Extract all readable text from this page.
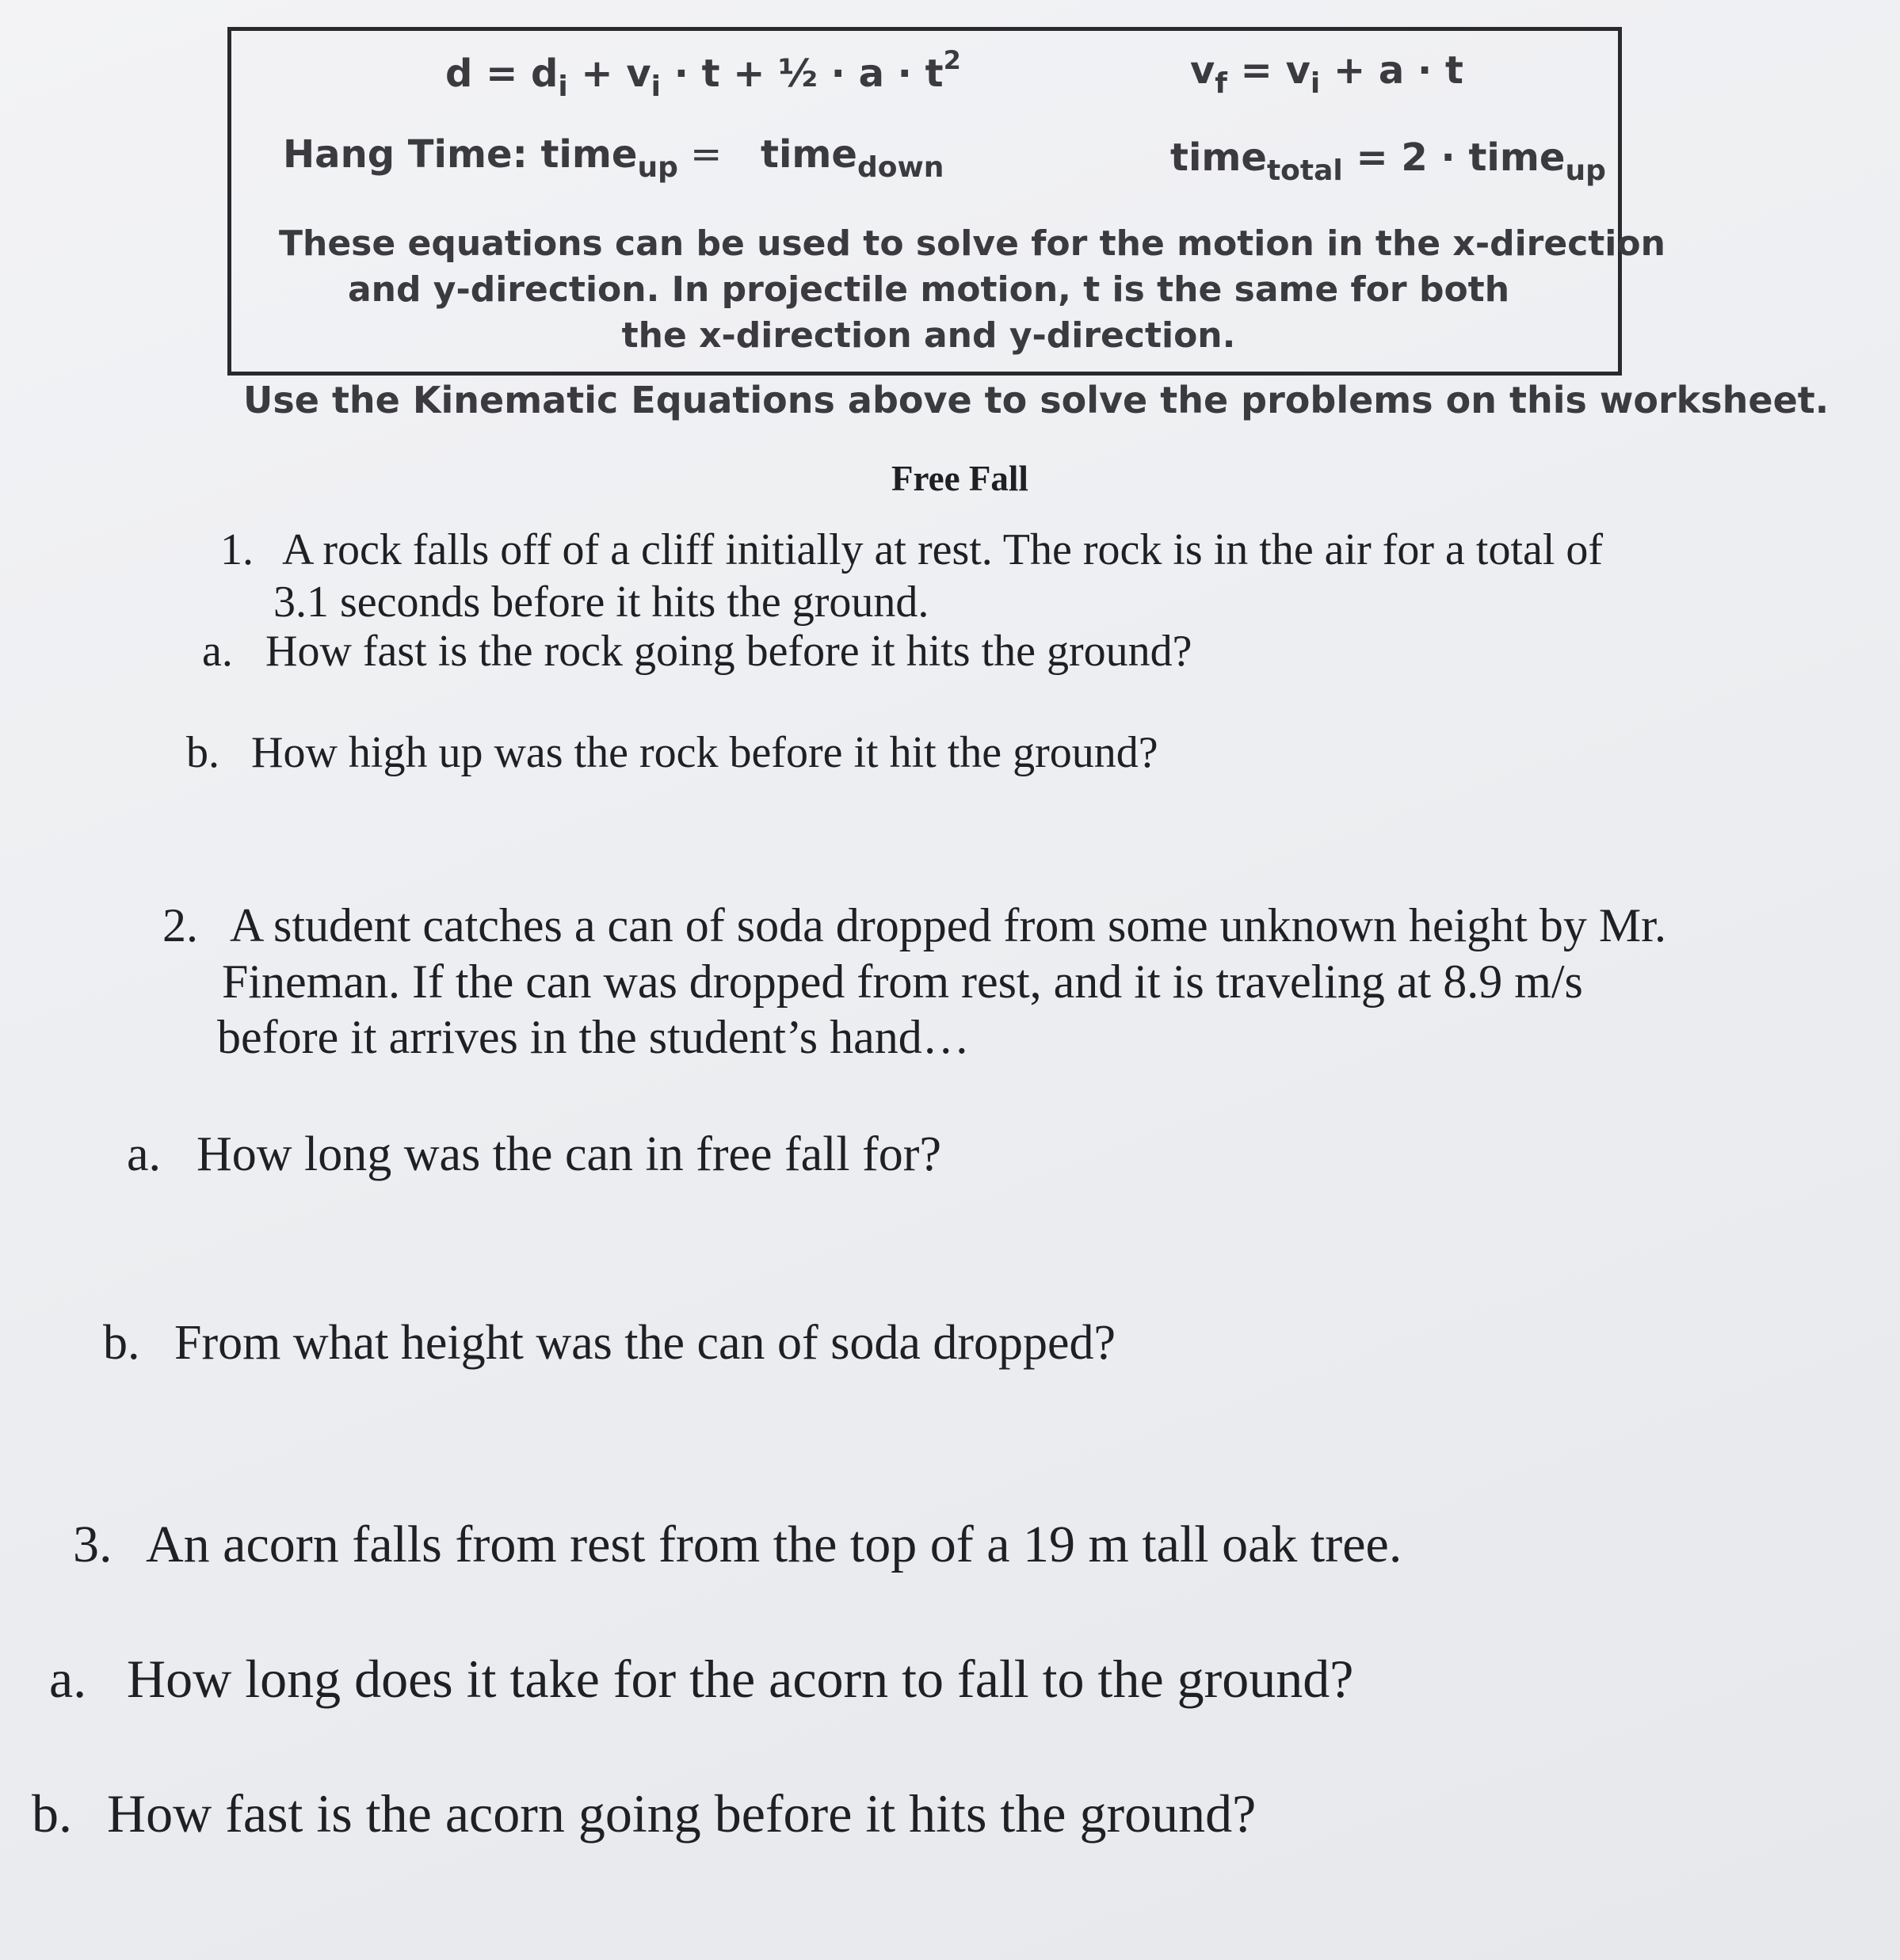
$d = d_i + v_i \cdot t$ + ½ · $a \cdot t^2$	$v_f = v_i + a \cdot t$
Hang Time: time$_{up}$ =   time$_{down}$	time$_{total}$ = 2 · time$_{up}$
These equations can be used to solve for the motion in the x-direction
and y-direction. In projectile motion, t is the same for both
the x-direction and y-direction.
Use the Kinematic Equations above to solve the problems on this worksheet.
Free Fall
1. A rock falls off of a cliff initially at rest. The rock is in the air for a total of
3.1 seconds before it hits the ground.
a. How fast is the rock going before it hits the ground?
b. How high up was the rock before it hit the ground?
2. A student catches a can of soda dropped from some unknown height by Mr.
Fineman. If the can was dropped from rest, and it is traveling at 8.9 m/s
before it arrives in the student’s hand…
a. How long was the can in free fall for?
b. From what height was the can of soda dropped?
3. An acorn falls from rest from the top of a 19 m tall oak tree.
a. How long does it take for the acorn to fall to the ground?
b. How fast is the acorn going before it hits the ground?
